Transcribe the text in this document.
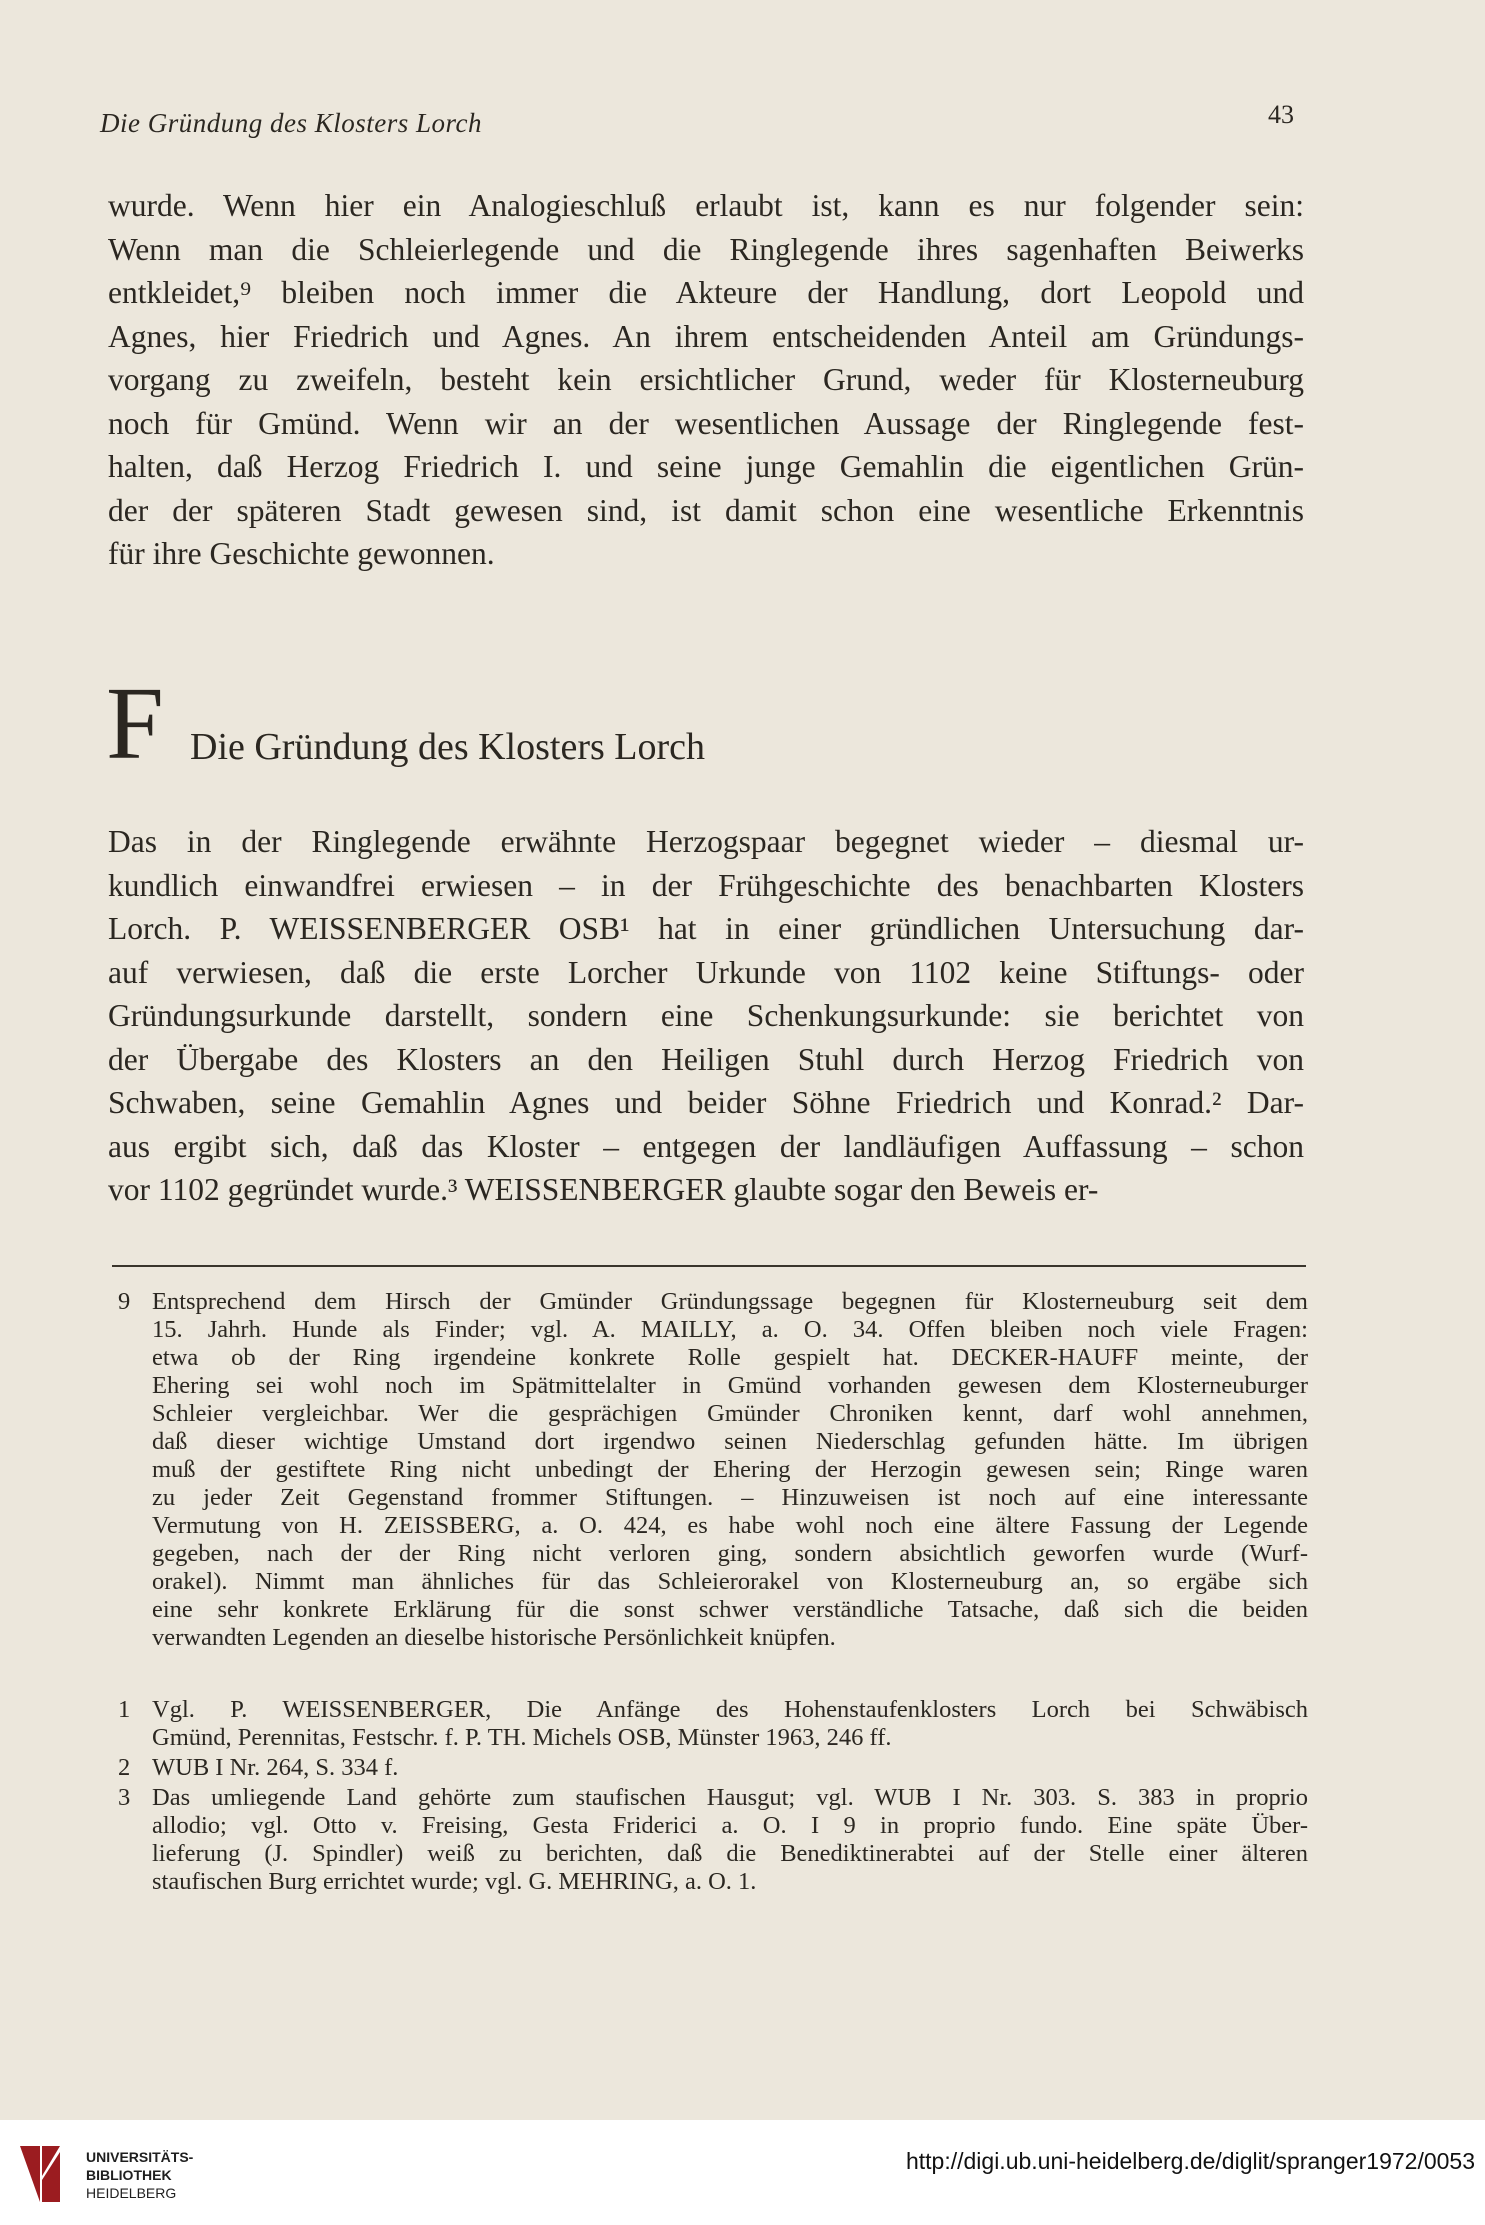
Die Gründung des Klosters Lorch	43
wurde. Wenn hier ein Analogieschluß erlaubt ist, kann es nur folgender sein:
Wenn man die Schleierlegende und die Ringlegende ihres sagenhaften Beiwerks
entkleidet,⁹ bleiben noch immer die Akteure der Handlung, dort Leopold und
Agnes, hier Friedrich und Agnes. An ihrem entscheidenden Anteil am Gründungs-
vorgang zu zweifeln, besteht kein ersichtlicher Grund, weder für Klosterneuburg
noch für Gmünd. Wenn wir an der wesentlichen Aussage der Ringlegende fest-
halten, daß Herzog Friedrich I. und seine junge Gemahlin die eigentlichen Grün-
der der späteren Stadt gewesen sind, ist damit schon eine wesentliche Erkenntnis
für ihre Geschichte gewonnen.
F Die Gründung des Klosters Lorch
Das in der Ringlegende erwähnte Herzogspaar begegnet wieder – diesmal ur-
kundlich einwandfrei erwiesen – in der Frühgeschichte des benachbarten Klosters
Lorch. P. WEISSENBERGER OSB¹ hat in einer gründlichen Untersuchung dar-
auf verwiesen, daß die erste Lorcher Urkunde von 1102 keine Stiftungs- oder
Gründungsurkunde darstellt, sondern eine Schenkungsurkunde: sie berichtet von
der Übergabe des Klosters an den Heiligen Stuhl durch Herzog Friedrich von
Schwaben, seine Gemahlin Agnes und beider Söhne Friedrich und Konrad.² Dar-
aus ergibt sich, daß das Kloster – entgegen der landläufigen Auffassung – schon
vor 1102 gegründet wurde.³ WEISSENBERGER glaubte sogar den Beweis er-
9 Entsprechend dem Hirsch der Gmünder Gründungssage begegnen für Klosterneuburg seit dem
15. Jahrh. Hunde als Finder; vgl. A. MAILLY, a. O. 34. Offen bleiben noch viele Fragen:
etwa ob der Ring irgendeine konkrete Rolle gespielt hat. DECKER-HAUFF meinte, der
Ehering sei wohl noch im Spätmittelalter in Gmünd vorhanden gewesen dem Klosterneuburger
Schleier vergleichbar. Wer die gesprächigen Gmünder Chroniken kennt, darf wohl annehmen,
daß dieser wichtige Umstand dort irgendwo seinen Niederschlag gefunden hätte. Im übrigen
muß der gestiftete Ring nicht unbedingt der Ehering der Herzogin gewesen sein; Ringe waren
zu jeder Zeit Gegenstand frommer Stiftungen. – Hinzuweisen ist noch auf eine interessante
Vermutung von H. ZEISSBERG, a. O. 424, es habe wohl noch eine ältere Fassung der Legende
gegeben, nach der der Ring nicht verloren ging, sondern absichtlich geworfen wurde (Wurf-
orakel). Nimmt man ähnliches für das Schleierorakel von Klosterneuburg an, so ergäbe sich
eine sehr konkrete Erklärung für die sonst schwer verständliche Tatsache, daß sich die beiden
verwandten Legenden an dieselbe historische Persönlichkeit knüpfen.
1 Vgl. P. WEISSENBERGER, Die Anfänge des Hohenstaufenklosters Lorch bei Schwäbisch
Gmünd, Perennitas, Festschr. f. P. TH. Michels OSB, Münster 1963, 246 ff.
2 WUB I Nr. 264, S. 334 f.
3 Das umliegende Land gehörte zum staufischen Hausgut; vgl. WUB I Nr. 303. S. 383 in proprio
allodio; vgl. Otto v. Freising, Gesta Friderici a. O. I 9 in proprio fundo. Eine späte Über-
lieferung (J. Spindler) weiß zu berichten, daß die Benediktinerabtei auf der Stelle einer älteren
staufischen Burg errichtet wurde; vgl. G. MEHRING, a. O. 1.
UNIVERSITÄTS-
BIBLIOTHEK
HEIDELBERG
http://digi.ub.uni-heidelberg.de/diglit/spranger1972/0053
